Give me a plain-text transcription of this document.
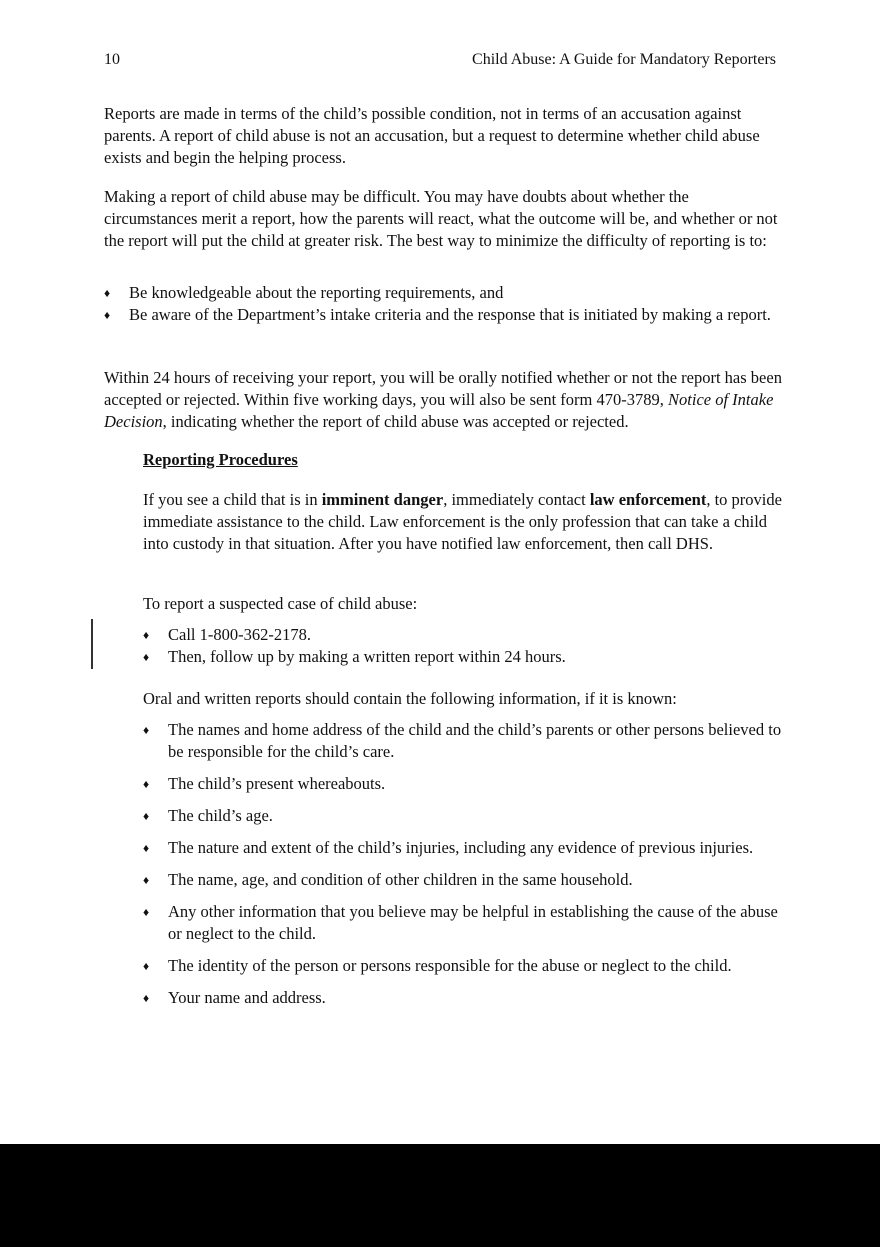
10	Child Abuse: A Guide for Mandatory Reporters

Reports are made in terms of the child’s possible condition, not in terms of an accusation against parents. A report of child abuse is not an accusation, but a request to determine whether child abuse exists and begin the helping process.

Making a report of child abuse may be difficult. You may have doubts about whether the circumstances merit a report, how the parents will react, what the outcome will be, and whether or not the report will put the child at greater risk. The best way to minimize the difficulty of reporting is to:

♦ Be knowledgeable about the reporting requirements, and
♦ Be aware of the Department’s intake criteria and the response that is initiated by making a report.

Within 24 hours of receiving your report, you will be orally notified whether or not the report has been accepted or rejected. Within five working days, you will also be sent form 470-3789, Notice of Intake Decision, indicating whether the report of child abuse was accepted or rejected.

Reporting Procedures

If you see a child that is in imminent danger, immediately contact law enforcement, to provide immediate assistance to the child. Law enforcement is the only profession that can take a child into custody in that situation. After you have notified law enforcement, then call DHS.

To report a suspected case of child abuse:

♦ Call 1-800-362-2178.
♦ Then, follow up by making a written report within 24 hours.

Oral and written reports should contain the following information, if it is known:

♦ The names and home address of the child and the child’s parents or other persons believed to be responsible for the child’s care.
♦ The child’s present whereabouts.
♦ The child’s age.
♦ The nature and extent of the child’s injuries, including any evidence of previous injuries.
♦ The name, age, and condition of other children in the same household.
♦ Any other information that you believe may be helpful in establishing the cause of the abuse or neglect to the child.
♦ The identity of the person or persons responsible for the abuse or neglect to the child.
♦ Your name and address.
